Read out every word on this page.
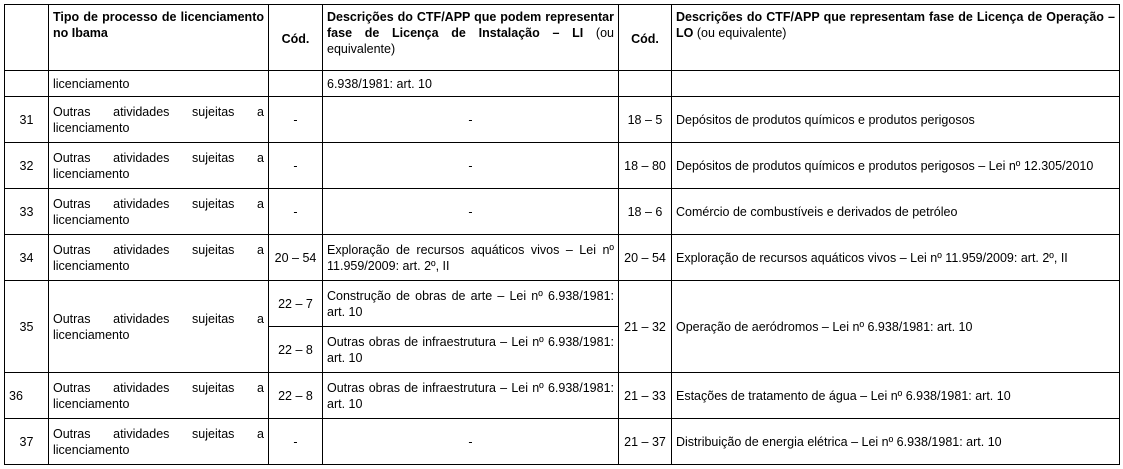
	Tipo de processo de licenciamento no Ibama	Cód.	Descrições do CTF/APP que podem representar fase de Licença de Instalação – LI (ou equivalente)	Cód.	Descrições do CTF/APP que representam fase de Licença de Operação – LO (ou equivalente)
	licenciamento		6.938/1981: art. 10		
31	Outras atividades sujeitas a licenciamento	-	-	18 – 5	Depósitos de produtos químicos e produtos perigosos
32	Outras atividades sujeitas a licenciamento	-	-	18 – 80	Depósitos de produtos químicos e produtos perigosos – Lei nº 12.305/2010
33	Outras atividades sujeitas a licenciamento	-	-	18 – 6	Comércio de combustíveis e derivados de petróleo
34	Outras atividades sujeitas a licenciamento	20 – 54	Exploração de recursos aquáticos vivos – Lei nº 11.959/2009: art. 2º, II	20 – 54	Exploração de recursos aquáticos vivos – Lei nº 11.959/2009: art. 2º, II
35	Outras atividades sujeitas a licenciamento	22 – 7	Construção de obras de arte – Lei nº 6.938/1981: art. 10	21 – 32	Operação de aeródromos – Lei nº 6.938/1981: art. 10
		22 – 8	Outras obras de infraestrutura – Lei nº 6.938/1981: art. 10		
36	Outras atividades sujeitas a licenciamento	22 – 8	Outras obras de infraestrutura – Lei nº 6.938/1981: art. 10	21 – 33	Estações de tratamento de água – Lei nº 6.938/1981: art. 10
37	Outras atividades sujeitas a licenciamento	-	-	21 – 37	Distribuição de energia elétrica – Lei nº 6.938/1981: art. 10
